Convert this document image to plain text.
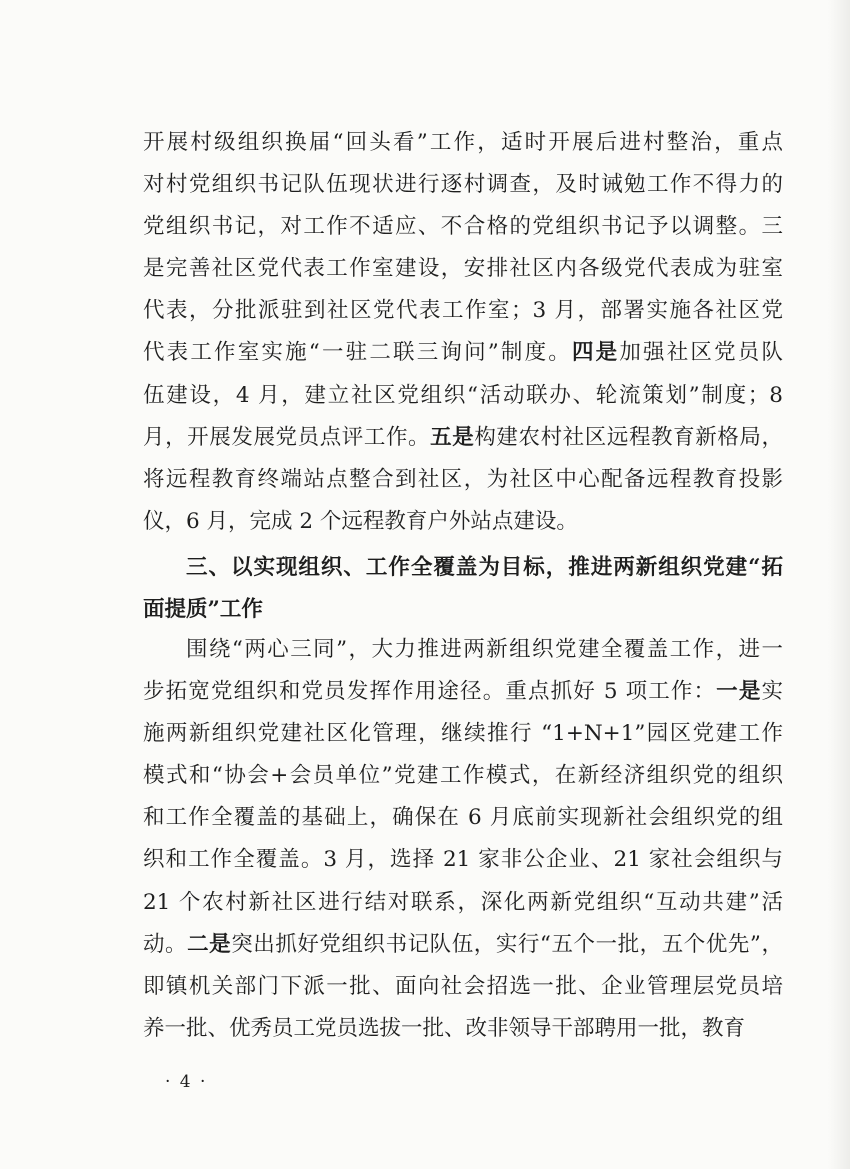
开展村级组织换届“回头看”工作，适时开展后进村整治，重点
对村党组织书记队伍现状进行逐村调查，及时诫勉工作不得力的
党组织书记，对工作不适应、不合格的党组织书记予以调整。三
是完善社区党代表工作室建设，安排社区内各级党代表成为驻室
代表，分批派驻到社区党代表工作室；3 月，部署实施各社区党
代表工作室实施“一驻二联三询问”制度。四是加强社区党员队
伍建设，4 月，建立社区党组织“活动联办、轮流策划”制度；8
月，开展发展党员点评工作。五是构建农村社区远程教育新格局，
将远程教育终端站点整合到社区，为社区中心配备远程教育投影
仪，6 月，完成 2 个远程教育户外站点建设。
三、以实现组织、工作全覆盖为目标，推进两新组织党建“拓
面提质”工作
围绕“两心三同”，大力推进两新组织党建全覆盖工作，进一
步拓宽党组织和党员发挥作用途径。重点抓好 5 项工作：一是实
施两新组织党建社区化管理，继续推行 “1+N+1”园区党建工作
模式和“协会+会员单位”党建工作模式，在新经济组织党的组织
和工作全覆盖的基础上，确保在 6 月底前实现新社会组织党的组
织和工作全覆盖。3 月，选择 21 家非公企业、21 家社会组织与
21 个农村新社区进行结对联系，深化两新党组织“互动共建”活
动。二是突出抓好党组织书记队伍，实行“五个一批，五个优先”，
即镇机关部门下派一批、面向社会招选一批、企业管理层党员培
养一批、优秀员工党员选拔一批、改非领导干部聘用一批，教育
· 4 ·
